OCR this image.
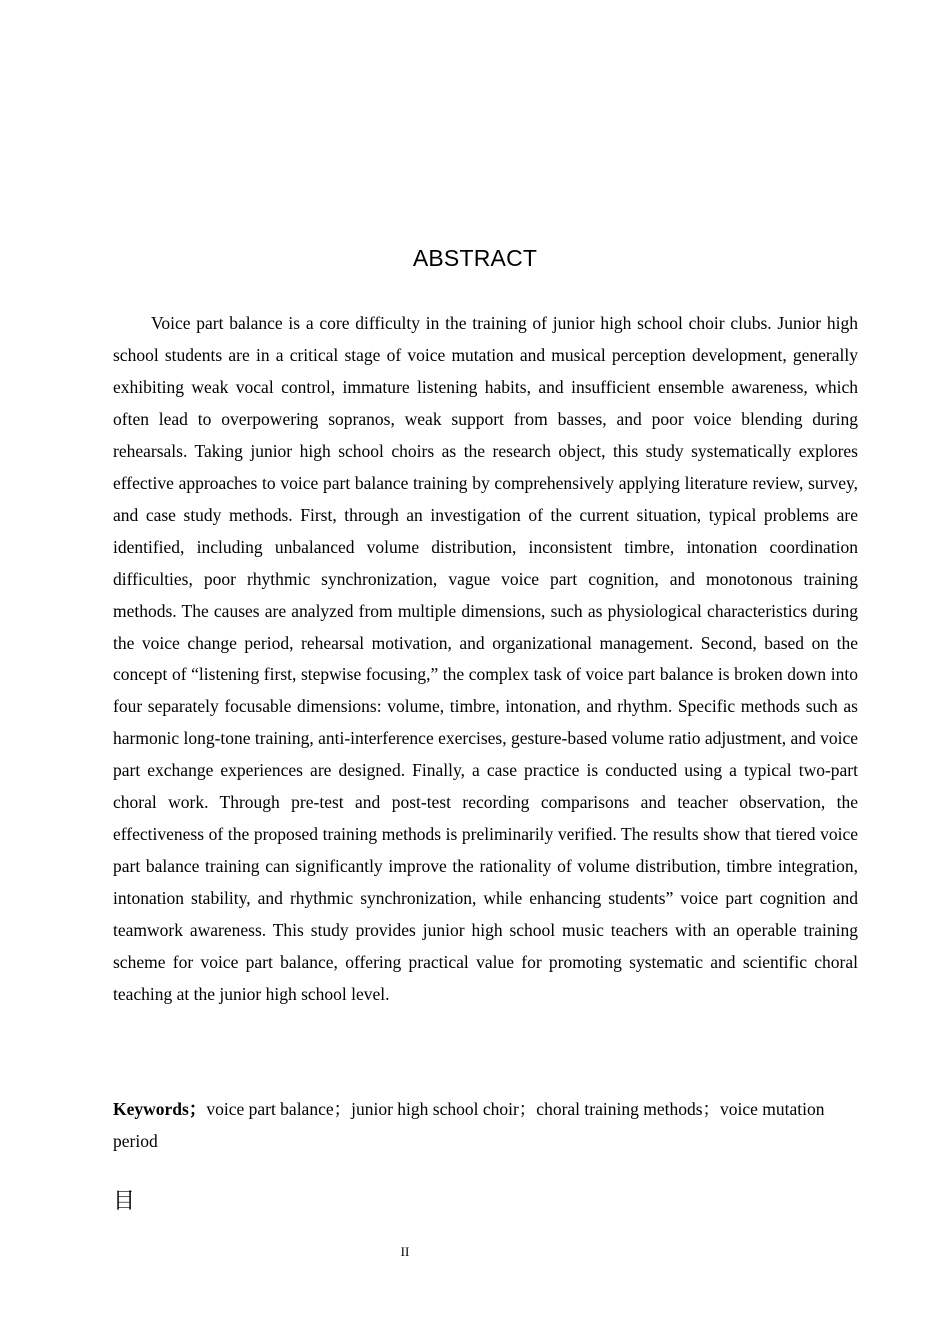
ABSTRACT

Voice part balance is a core difficulty in the training of junior high school choir clubs. Junior high school students are in a critical stage of voice mutation and musical perception development, generally exhibiting weak vocal control, immature listening habits, and insufficient ensemble awareness, which often lead to overpowering sopranos, weak support from basses, and poor voice blending during rehearsals. Taking junior high school choirs as the research object, this study systematically explores effective approaches to voice part balance training by comprehensively applying literature review, survey, and case study methods. First, through an investigation of the current situation, typical problems are identified, including unbalanced volume distribution, inconsistent timbre, intonation coordination difficulties, poor rhythmic synchronization, vague voice part cognition, and monotonous training methods. The causes are analyzed from multiple dimensions, such as physiological characteristics during the voice change period, rehearsal motivation, and organizational management. Second, based on the concept of “listening first, stepwise focusing,” the complex task of voice part balance is broken down into four separately focusable dimensions: volume, timbre, intonation, and rhythm. Specific methods such as harmonic long-tone training, anti-interference exercises, gesture-based volume ratio adjustment, and voice part exchange experiences are designed. Finally, a case practice is conducted using a typical two-part choral work. Through pre-test and post-test recording comparisons and teacher observation, the effectiveness of the proposed training methods is preliminarily verified. The results show that tiered voice part balance training can significantly improve the rationality of volume distribution, timbre integration, intonation stability, and rhythmic synchronization, while enhancing students” voice part cognition and teamwork awareness. This study provides junior high school music teachers with an operable training scheme for voice part balance, offering practical value for promoting systematic and scientific choral teaching at the junior high school level.

Keywords；voice part balance；junior high school choir；choral training methods；voice mutation period

目
II
